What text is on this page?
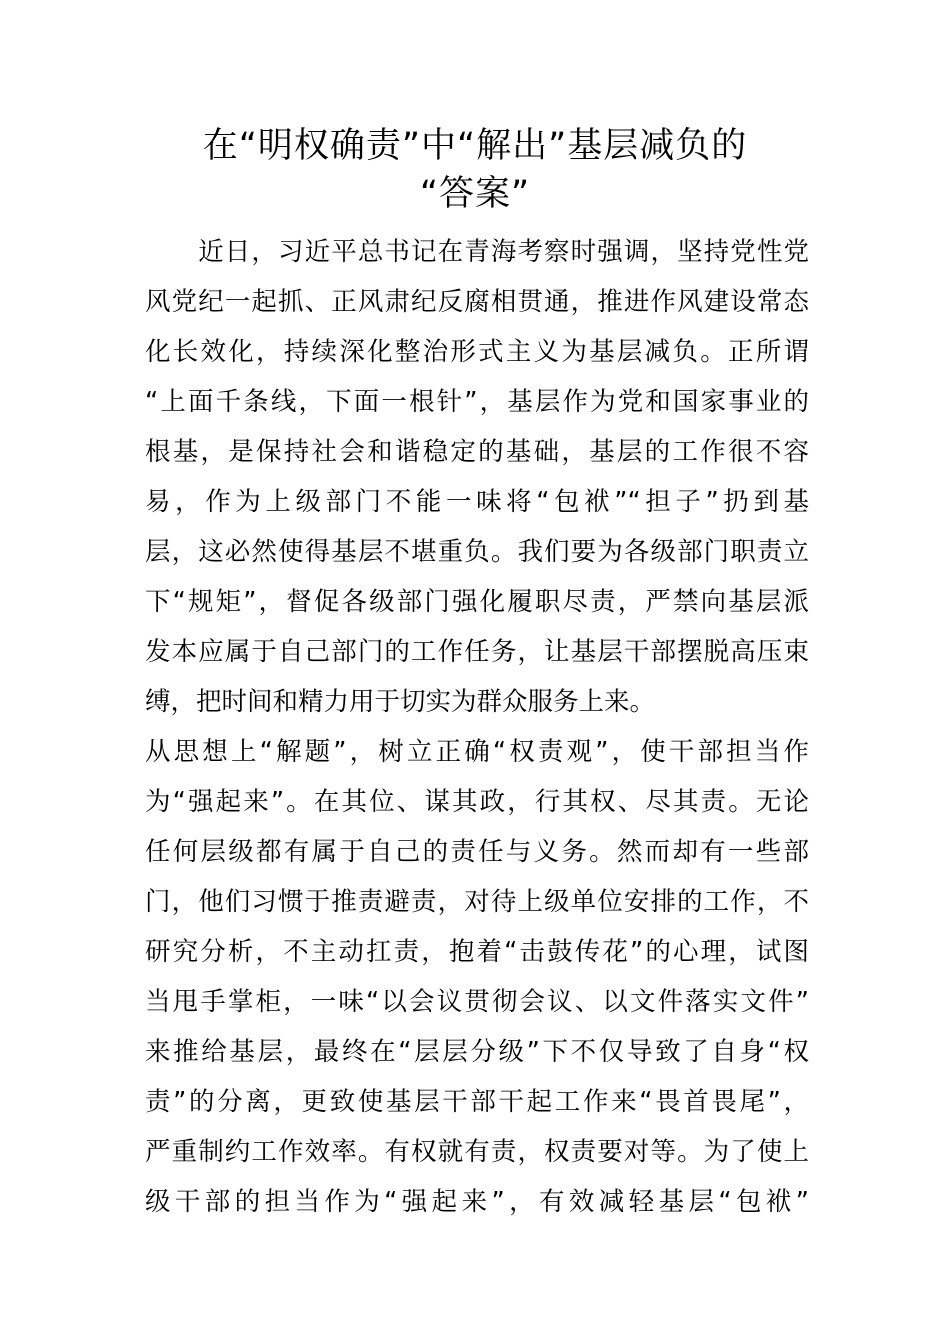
在“明权确责”中“解出”基层减负的
“答案”
　　近日，习近平总书记在青海考察时强调，坚持党性党
风党纪一起抓、正风肃纪反腐相贯通，推进作风建设常态
化长效化，持续深化整治形式主义为基层减负。正所谓
“上面千条线，下面一根针”，基层作为党和国家事业的
根基，是保持社会和谐稳定的基础，基层的工作很不容
易，作为上级部门不能一味将“包袱”“担子”扔到基
层，这必然使得基层不堪重负。我们要为各级部门职责立
下“规矩”，督促各级部门强化履职尽责，严禁向基层派
发本应属于自己部门的工作任务，让基层干部摆脱高压束
缚，把时间和精力用于切实为群众服务上来。
从思想上“解题”，树立正确“权责观”，使干部担当作
为“强起来”。在其位、谋其政，行其权、尽其责。无论
任何层级都有属于自己的责任与义务。然而却有一些部
门，他们习惯于推责避责，对待上级单位安排的工作，不
研究分析，不主动扛责，抱着“击鼓传花”的心理，试图
当甩手掌柜，一味“以会议贯彻会议、以文件落实文件”
来推给基层，最终在“层层分级”下不仅导致了自身“权
责”的分离，更致使基层干部干起工作来“畏首畏尾”，
严重制约工作效率。有权就有责，权责要对等。为了使上
级干部的担当作为“强起来”，有效减轻基层“包袱”
